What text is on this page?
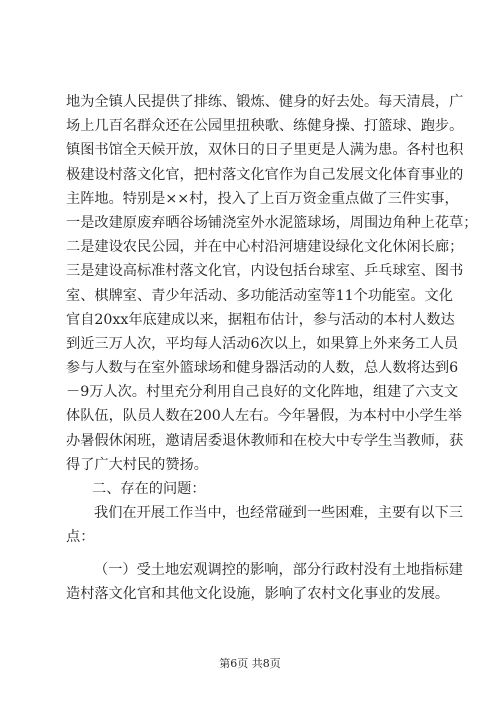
地为全镇人民提供了排练、锻炼、健身的好去处。每天清晨，广
场上几百名群众还在公园里扭秧歌、练健身操、打篮球、跑步。
镇图书馆全天候开放，双休日的日子里更是人满为患。各村也积
极建设村落文化官，把村落文化官作为自己发展文化体育事业的
主阵地。特别是××村，投入了上百万资金重点做了三件实事，
一是改建原废弃晒谷场铺浇室外水泥篮球场，周围边角种上花草；
二是建设农民公园，并在中心村沿河塘建设绿化文化休闲长廊；
三是建设高标准村落文化官，内设包括台球室、乒乓球室、图书
室、棋牌室、青少年活动、多功能活动室等11个功能室。文化
官自20xx年底建成以来，据粗布估计，参与活动的本村人数达
到近三万人次，平均每人活动6次以上，如果算上外来务工人员
参与人数与在室外篮球场和健身器活动的人数，总人数将达到6
－9万人次。村里充分利用自己良好的文化阵地，组建了六支文
体队伍，队员人数在200人左右。今年暑假，为本村中小学生举
办暑假休闲班，邀请居委退休教师和在校大中专学生当教师，获
得了广大村民的赞扬。
二、存在的问题：
我们在开展工作当中，也经常碰到一些困难，主要有以下三
点：
（一）受土地宏观调控的影响，部分行政村没有土地指标建
造村落文化官和其他文化设施，影响了农村文化事业的发展。
第6页 共8页
